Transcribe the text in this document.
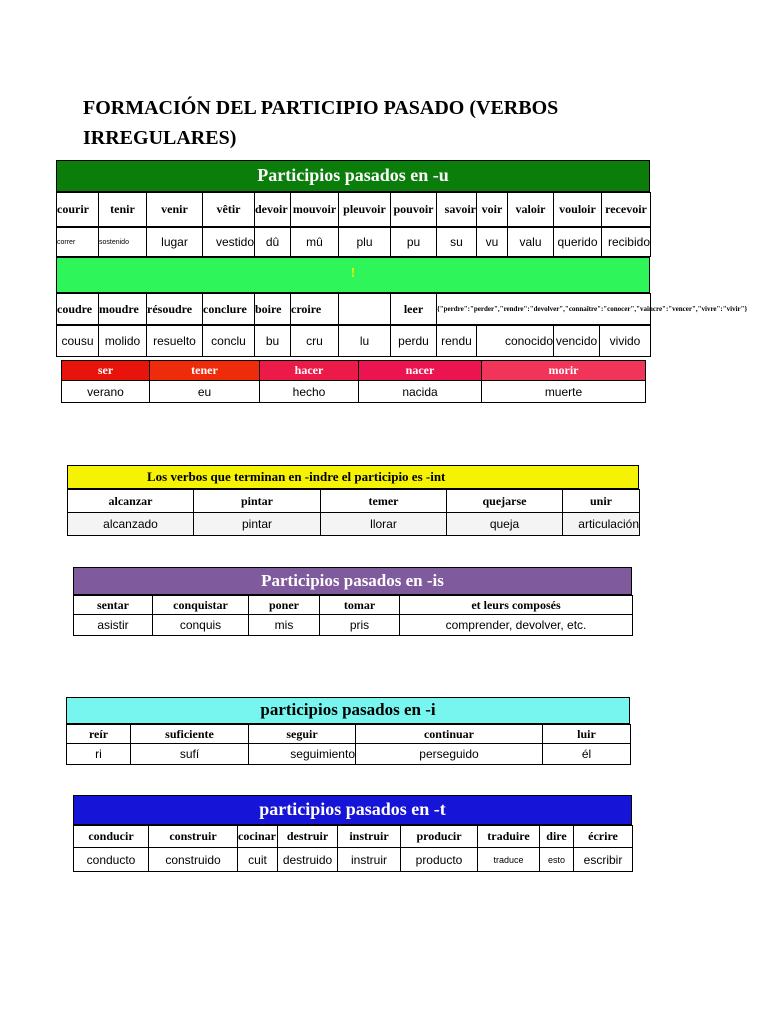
FORMACIÓN DEL PARTICIPIO PASADO (VERBOS IRREGULARES)
Participios pasados en -u
courir	tenir	venir	vêtir	devoir	mouvoir	pleuvoir	pouvoir	savoir	voir	valoir	vouloir	recevoir
correr	sostenido	lugar	vestido	dû	mû	plu	pu	su	vu	valu	querido	recibido
!
coudre	moudre	résoudre	conclure	boire	croire		leer	{"perdre":"perder","rendre":"devolver","connaître":"conocer","vaincre":"vencer","vivre":"vivir"}
cousu	molido	resuelto	conclu	bu	cru	lu	perdu	rendu	conocido	vencido	vivido
ser	tener	hacer	nacer	morir
verano	eu	hecho	nacida	muerte
Los verbos que terminan en -indre el participio es -int
alcanzar	pintar	temer	quejarse	unir
alcanzado	pintar	llorar	queja	articulación
Participios pasados en -is
sentar	conquistar	poner	tomar	et leurs composés
asistir	conquis	mis	pris	comprender, devolver, etc.
participios pasados en -i
reír	suficiente	seguir	continuar	luir
ri	sufí	seguimiento	perseguido	él
participios pasados en -t
conducir	construir	cocinar	destruir	instruir	producir	traduire	dire	écrire
conducto	construido	cuit	destruido	instruir	producto	traduce	esto	escribir
